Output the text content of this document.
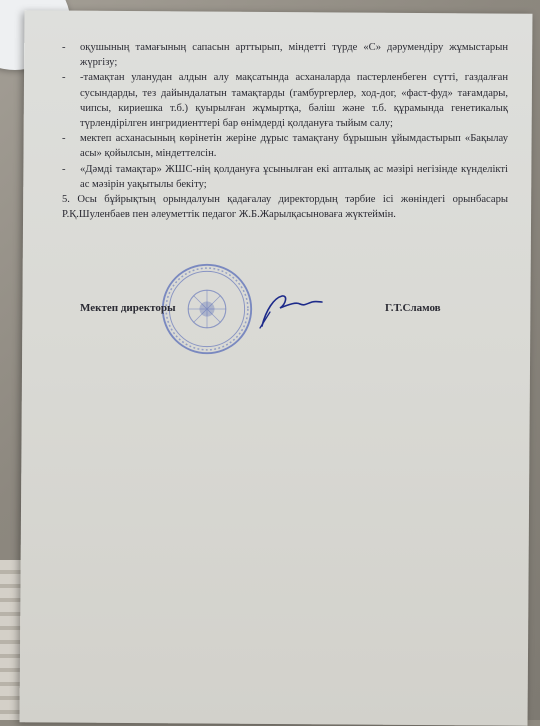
- оқушының тамағының сапасын арттырып, міндетті түрде «С» дәрумендіру жұмыстарын жүргізу;

- -тамақтан уланудан алдын алу мақсатында асханаларда пастерленбеген сүтті, газдалған сусындарды, тез дайындалатын тамақтарды (гамбургерлер, ход-дог, «фаст-фуд» тағамдары, чипсы, кириешка т.б.) қуырылған жұмыртқа, бәліш және т.б. құрамында генетикалық түрлендірілген ингридиенттері бар өнімдерді қолдануға тыйым салу;

- мектеп асханасының көрінетін жеріне дұрыс тамақтану бұрышын ұйымдастырып «Бақылау асы» қойылсын, міндеттелсін.

- «Дәмді тамақтар» ЖШС-нің қолдануға ұсынылған екі апталық ас мәзірі негізінде күнделікті ас мәзірін уақытылы бекіту;

5. Осы бұйрықтың орындалуын қадағалау директордың тәрбие ісі жөніндегі орынбасары Р.Қ.Шуленбаев пен әлеуметтік педагог Ж.Б.Жарылқасыноваға жүктеймін.

Мектеп директоры	Г.Т.Сламов
